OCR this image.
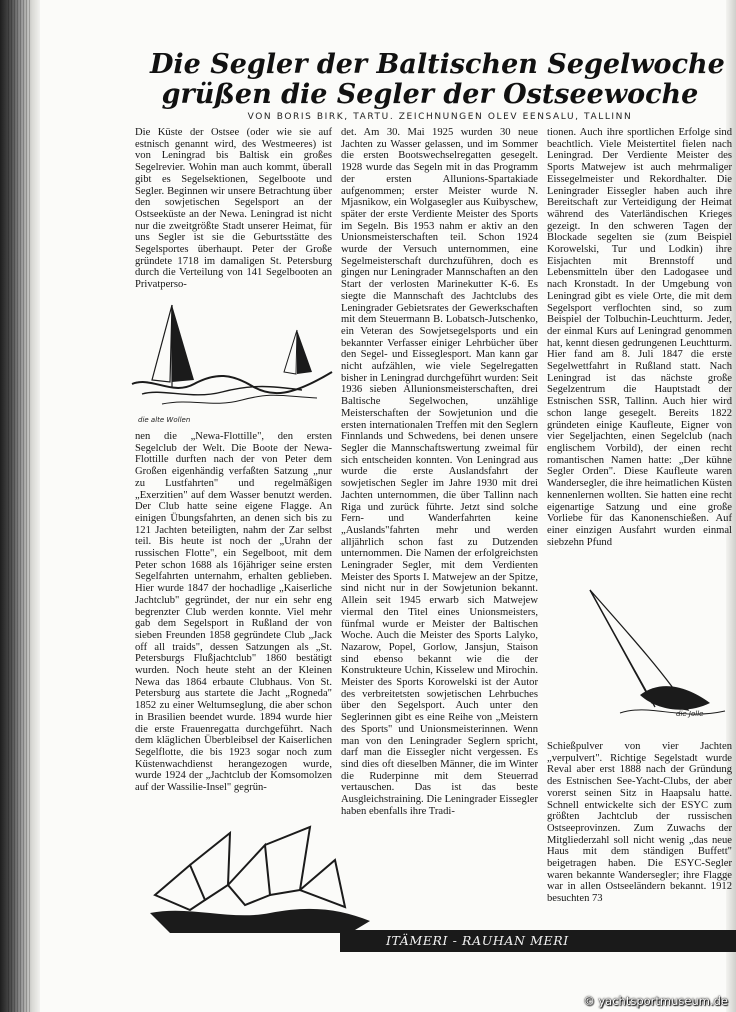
Die Segler der Baltischen Segelwoche
grüßen die Segler der Ostseewoche
VON BORIS BIRK, TARTU. ZEICHNUNGEN OLEV EENSALU, TALLINN

Die Küste der Ostsee (oder wie sie auf estnisch genannt wird, des Westmeeres) ist von Leningrad bis Baltisk ein großes Segelrevier. Wohin man auch kommt, überall gibt es Segelsektionen, Segelboote und Segler. Beginnen wir unsere Betrachtung über den sowjetischen Segelsport an der Ostseeküste an der Newa. Leningrad ist nicht nur die zweitgrößte Stadt unserer Heimat, für uns Segler ist sie die Geburtsstätte des Segelsportes überhaupt. Peter der Große gründete 1718 im damaligen St. Petersburg durch die Verteilung von 141 Segelbooten an Privatperso-

die alte Wollen

nen die „Newa-Flottille", den ersten Segelclub der Welt. Die Boote der Newa-Flottille durften nach der von Peter dem Großen eigenhändig verfaßten Satzung „nur zu Lustfahrten" und regelmäßigen „Exerzitien" auf dem Wasser benutzt werden. Der Club hatte seine eigene Flagge. An einigen Übungsfahrten, an denen sich bis zu 121 Jachten beteiligten, nahm der Zar selbst teil. Bis heute ist noch der „Urahn der russischen Flotte", ein Segelboot, mit dem Peter schon 1688 als 16jähriger seine ersten Segelfahrten unternahm, erhalten geblieben. Hier wurde 1847 der hochadlige „Kaiserliche Jachtclub" gegründet, der nur ein sehr eng begrenzter Club werden konnte. Viel mehr gab dem Segelsport in Rußland der von sieben Freunden 1858 gegründete Club „Jack off all traids", dessen Satzungen als „St. Petersburgs Flußjachtclub" 1860 bestätigt wurden. Noch heute steht an der Kleinen Newa das 1864 erbaute Clubhaus. Von St. Petersburg aus startete die Jacht „Rogneda" 1852 zu einer Weltumseglung, die aber schon in Brasilien beendet wurde. 1894 wurde hier die erste Frauenregatta durchgeführt. Nach dem kläglichen Überbleibsel der Kaiserlichen Segelflotte, die bis 1923 sogar noch zum Küstenwachdienst herangezogen wurde, wurde 1924 der „Jachtclub der Komsomolzen auf der Wassilie-Insel" gegrün-

det. Am 30. Mai 1925 wurden 30 neue Jachten zu Wasser gelassen, und im Sommer die ersten Bootswechselregatten gesegelt. 1928 wurde das Segeln mit in das Programm der ersten Allunions-Spartakiade aufgenommen; erster Meister wurde N. Mjasnikow, ein Wolgasegler aus Kuibyschew, später der erste Verdiente Meister des Sports im Segeln. Bis 1953 nahm er aktiv an den Unionsmeisterschaften teil. Schon 1924 wurde der Versuch unternommen, eine Segelmeisterschaft durchzuführen, doch es gingen nur Leningrader Mannschaften an den Start der verlosten Marinekutter K-6. Es siegte die Mannschaft des Jachtclubs des Leningrader Gebietsrates der Gewerkschaften mit dem Steuermann B. Lobatsch-Jutschenko, ein Veteran des Sowjetsegelsports und ein bekannter Verfasser einiger Lehrbücher über den Segel- und Eisseglesport. Man kann gar nicht aufzählen, wie viele Segelregatten bisher in Leningrad durchgeführt wurden: Seit 1936 sieben Allunionsmeisterschaften, drei Baltische Segelwochen, unzählige Meisterschaften der Sowjetunion und die ersten internationalen Treffen mit den Seglern Finnlands und Schwedens, bei denen unsere Segler die Mannschaftswertung zweimal für sich entscheiden konnten. Von Leningrad aus wurde die erste Auslandsfahrt der sowjetischen Segler im Jahre 1930 mit drei Jachten unternommen, die über Tallinn nach Riga und zurück führte. Jetzt sind solche Fern- und Wanderfahrten keine „Auslands"fahrten mehr und werden alljährlich schon fast zu Dutzenden unternommen. Die Namen der erfolgreichsten Leningrader Segler, mit dem Verdienten Meister des Sports I. Matwejew an der Spitze, sind nicht nur in der Sowjetunion bekannt. Allein seit 1945 erwarb sich Matwejew viermal den Titel eines Unionsmeisters, fünfmal wurde er Meister der Baltischen Woche. Auch die Meister des Sports Lalyko, Nazarow, Popel, Gorlow, Jansjun, Staison sind ebenso bekannt wie die der Konstrukteure Uchin, Kisselew und Mirochin. Meister des Sports Korowelski ist der Autor des verbreitetsten sowjetischen Lehrbuches über den Segelsport. Auch unter den Seglerinnen gibt es eine Reihe von „Meistern des Sports" und Unionsmeisterinnen. Wenn man von den Leningrader Seglern spricht, darf man die Eissegler nicht vergessen. Es sind dies oft dieselben Männer, die im Winter die Ruderpinne mit dem Steuerrad vertauschen. Das ist das beste Ausgleichstraining. Die Leningrader Eissegler haben ebenfalls ihre Tradi-

tionen. Auch ihre sportlichen Erfolge sind beachtlich. Viele Meistertitel fielen nach Leningrad. Der Verdiente Meister des Sports Matwejew ist auch mehrmaliger Eissegelmeister und Rekordhalter. Die Leningrader Eissegler haben auch ihre Bereitschaft zur Verteidigung der Heimat während des Vaterländischen Krieges gezeigt. In den schweren Tagen der Blockade segelten sie (zum Beispiel Korowelski, Tur und Lodkin) ihre Eisjachten mit Brennstoff und Lebensmitteln über den Ladogasee und nach Kronstadt. In der Umgebung von Leningrad gibt es viele Orte, die mit dem Segelsport verflochten sind, so zum Beispiel der Tolbuchin-Leuchtturm. Jeder, der einmal Kurs auf Leningrad genommen hat, kennt diesen gedrungenen Leuchtturm. Hier fand am 8. Juli 1847 die erste Segelwettfahrt in Rußland statt. Nach Leningrad ist das nächste große Segelzentrum die Hauptstadt der Estnischen SSR, Tallinn. Auch hier wird schon lange gesegelt. Bereits 1822 gründeten einige Kaufleute, Eigner von vier Segeljachten, einen Segelclub (nach englischem Vorbild), der einen recht romantischen Namen hatte: „Der kühne Segler Orden". Diese Kaufleute waren Wandersegler, die ihre heimatlichen Küsten kennenlernen wollten. Sie hatten eine recht eigenartige Satzung und eine große Vorliebe für das Kanonenschießen. Auf einer einzigen Ausfahrt wurden einmal siebzehn Pfund

die Jolle

Schießpulver von vier Jachten „verpulvert". Richtige Segelstadt wurde Reval aber erst 1888 nach der Gründung des Estnischen See-Yacht-Clubs, der aber vorerst seinen Sitz in Haapsalu hatte. Schnell entwickelte sich der ESYC zum größten Jachtclub der russischen Ostseeprovinzen. Zum Zuwachs der Mitgliederzahl soll nicht wenig „das neue Haus mit dem ständigen Buffett" beigetragen haben. Die ESYC-Segler waren bekannte Wandersegler; ihre Flagge war in allen Ostseeländern bekannt. 1912 besuchten 73

ITÄMERI - RAUHAN MERI
© yachtsportmuseum.de
